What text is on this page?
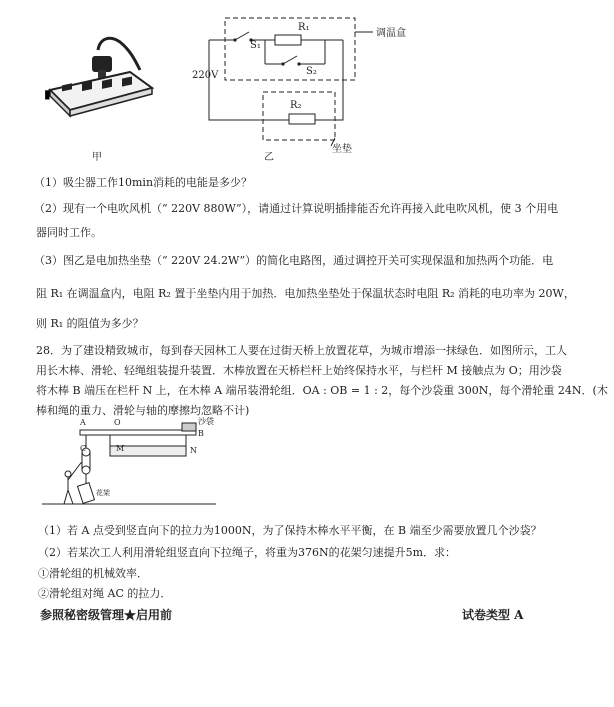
▮
甲
S₁
R₁
S₂
220V
R₂
调温盒
坐垫
乙
（1）吸尘器工作10min消耗的电能是多少？
（2）现有一个电吹风机（“ 220V 880W”），请通过计算说明插排能否允许再接入此电吹风机，使 3 个用电
器同时工作。
（3）图乙是电加热坐垫（“ 220V 24.2W”）的简化电路图，通过调控开关可实现保温和加热两个功能．电
阻 R₁ 在调温盒内，电阻 R₂ 置于坐垫内用于加热．电加热坐垫处于保温状态时电阻 R₂ 消耗的电功率为 20W，
则 R₁ 的阻值为多少？
28．为了建设精致城市，每到春天园林工人要在过街天桥上放置花草，为城市增添一抹绿色．如图所示，工人
用长木棒、滑轮、轻绳组装提升装置．木棒放置在天桥栏杆上始终保持水平，与栏杆 M 接触点为 O；用沙袋
将木棒 B 端压在栏杆 N 上，在木棒 A 端吊装滑轮组．OA : OB = 1 : 2，每个沙袋重 300N，每个滑轮重 24N．(木
棒和绳的重力、滑轮与轴的摩擦均忽略不计)
A	O	沙袋
B
C	M	N
花架
（1）若 A 点受到竖直向下的拉力为1000N，为了保持木棒水平平衡，在 B 端至少需要放置几个沙袋？
（2）若某次工人利用滑轮组竖直向下拉绳子，将重为376N的花架匀速提升5m．求：
①滑轮组的机械效率．
②滑轮组对绳 AC 的拉力．
参照秘密级管理★启用前	试卷类型 A
